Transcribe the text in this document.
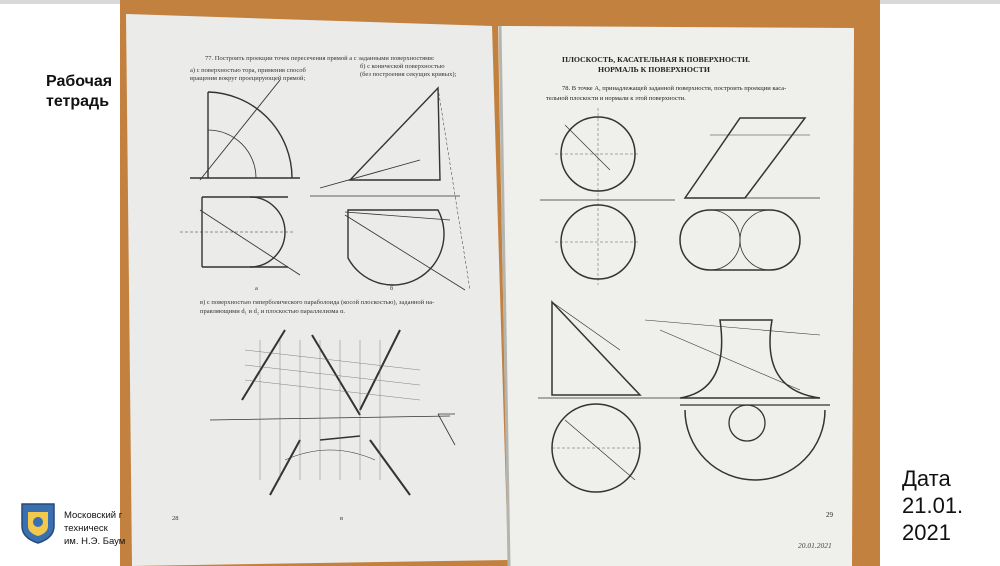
Рабочая
тетрадь
77. Построить проекции точек пересечения прямой a с заданными поверхностями:
а) с поверхностью тора, применив способ
вращения вокруг проецирующей прямой;
б) с конической поверхностью
(без построения секущих кривых);
а	б
в) с поверхностью гиперболического параболоида (косой плоскостью), заданной на-
правляющими d₁ и d₂ и плоскостью параллелизма α.
28	в
ПЛОСКОСТЬ, КАСАТЕЛЬНАЯ К ПОВЕРХНОСТИ.
НОРМАЛЬ К ПОВЕРХНОСТИ
78. В точке A, принадлежащей заданной поверхности, построить проекции каса-
тельной плоскости и нормали к этой поверхности.
29
20.01.2021
Московский г
техническ
им. Н.Э. Баум
Дата
21.01.
2021
